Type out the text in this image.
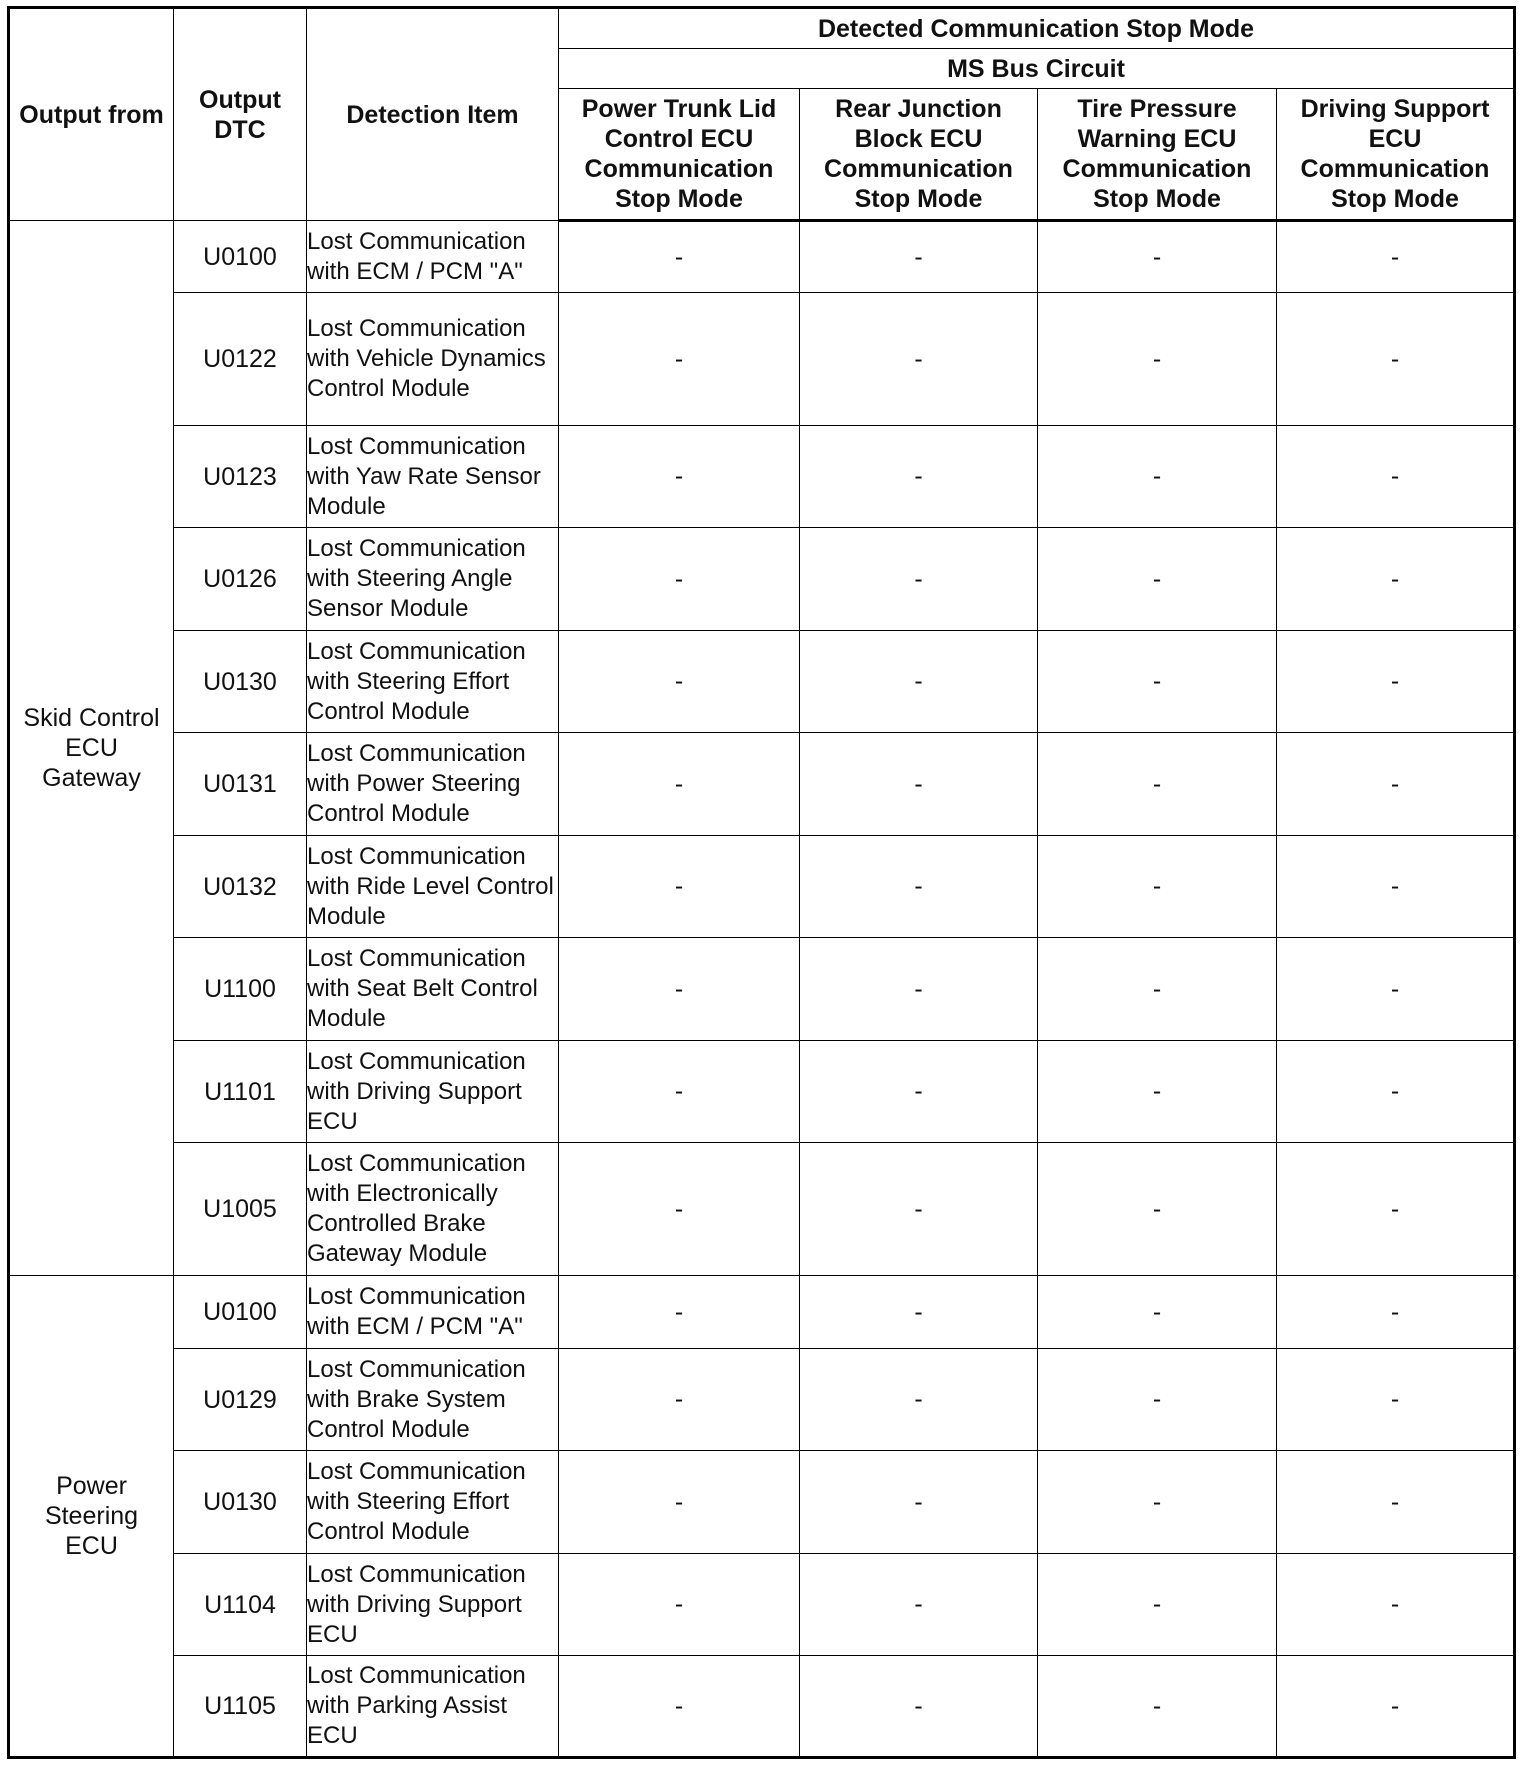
Output from	Output DTC	Detection Item	Detected Communication Stop Mode			
			MS Bus Circuit			
			Power Trunk Lid Control ECU Communication Stop Mode	Rear Junction Block ECU Communication Stop Mode	Tire Pressure Warning ECU Communication Stop Mode	Driving Support ECU Communication Stop Mode
Skid Control ECU Gateway	U0100	Lost Communication with ECM / PCM "A"	-	-	-	-
	U0122	Lost Communication with Vehicle Dynamics Control Module	-	-	-	-
	U0123	Lost Communication with Yaw Rate Sensor Module	-	-	-	-
	U0126	Lost Communication with Steering Angle Sensor Module	-	-	-	-
	U0130	Lost Communication with Steering Effort Control Module	-	-	-	-
	U0131	Lost Communication with Power Steering Control Module	-	-	-	-
	U0132	Lost Communication with Ride Level Control Module	-	-	-	-
	U1100	Lost Communication with Seat Belt Control Module	-	-	-	-
	U1101	Lost Communication with Driving Support ECU	-	-	-	-
	U1005	Lost Communication with Electronically Controlled Brake Gateway Module	-	-	-	-
Power Steering ECU	U0100	Lost Communication with ECM / PCM "A"	-	-	-	-
	U0129	Lost Communication with Brake System Control Module	-	-	-	-
	U0130	Lost Communication with Steering Effort Control Module	-	-	-	-
	U1104	Lost Communication with Driving Support ECU	-	-	-	-
	U1105	Lost Communication with Parking Assist ECU	-	-	-	-
